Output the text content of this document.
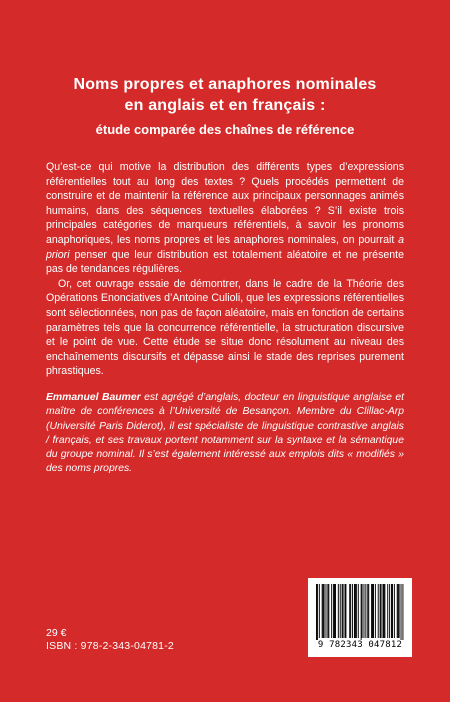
Noms propres et anaphores nominales
en anglais et en français :
étude comparée des chaînes de référence

Qu’est-ce qui motive la distribution des différents types d’expressions référentielles tout au long des textes ? Quels procédés permettent de construire et de maintenir la référence aux principaux personnages animés humains, dans des séquences textuelles élaborées ? S’il existe trois principales catégories de marqueurs référentiels, à savoir les pronoms anaphoriques, les noms propres et les anaphores nominales, on pourrait a priori penser que leur distribution est totalement aléatoire et ne présente pas de tendances régulières.

Or, cet ouvrage essaie de démontrer, dans le cadre de la Théorie des Opérations Enonciatives d’Antoine Culioli, que les expressions référentielles sont sélectionnées, non pas de façon aléatoire, mais en fonction de certains paramètres tels que la concurrence référentielle, la structuration discursive et le point de vue. Cette étude se situe donc résolument au niveau des enchaînements discursifs et dépasse ainsi le stade des reprises purement phrastiques.

Emmanuel Baumer est agrégé d’anglais, docteur en linguistique anglaise et maître de conférences à l’Université de Besançon. Membre du Clillac-Arp (Université Paris Diderot), il est spécialiste de linguistique contrastive anglais / français, et ses travaux portent notamment sur la syntaxe et la sémantique du groupe nominal. Il s’est également intéressé aux emplois dits « modifiés » des noms propres.
29 €
ISBN : 978-2-343-04781-2	9 782343 047812
